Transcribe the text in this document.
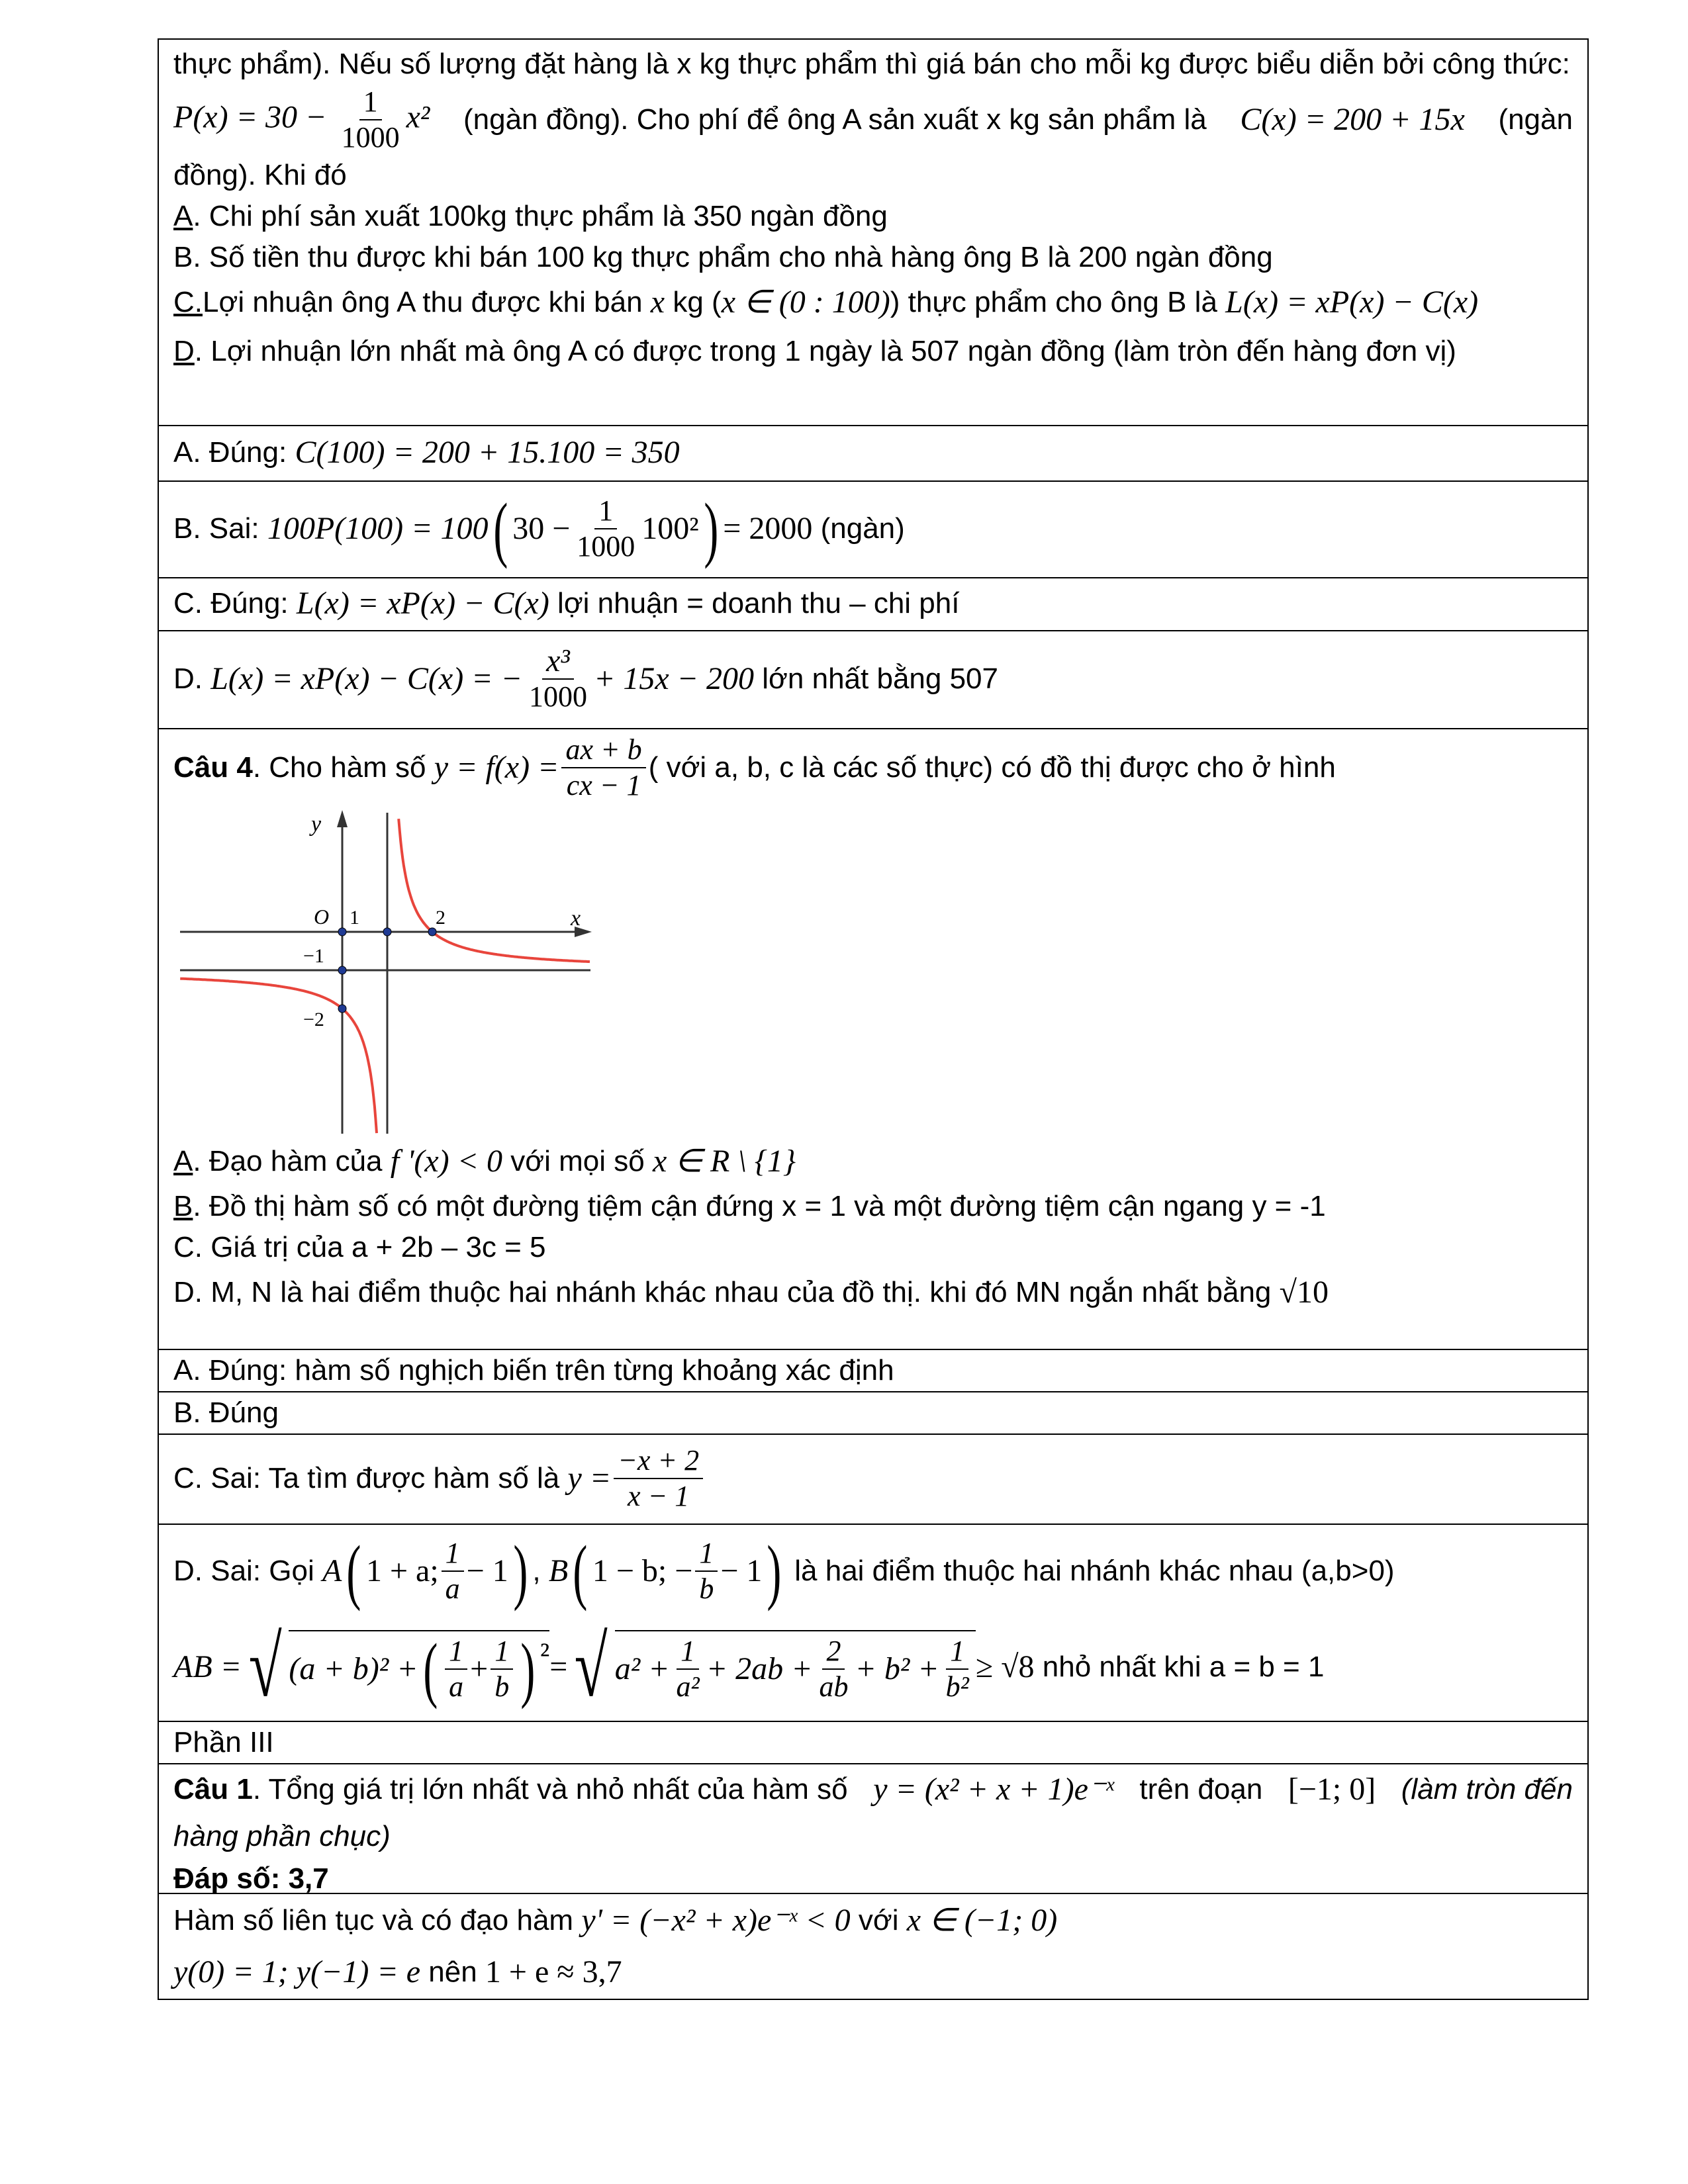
thực phẩm). Nếu số lượng đặt hàng là x kg thực phẩm thì giá bán cho mỗi kg được biểu diễn bởi công thức:
$P(x) = 30 - \frac{1}{1000} x^2$ (ngàn đồng). Cho phí để ông A sản xuất x kg sản phẩm là C(x) = 200 + 15x (ngàn
đồng). Khi đó
A . Chi phí sản xuất 100kg thực phẩm là 350 ngàn đồng
B. Số tiền thu được khi bán 100 kg thực phẩm cho nhà hàng ông B là 200 ngàn đồng
C. Lợi nhuận ông A thu được khi bán
x
kg ( x ∈ (0 : 100) ) thực phẩm cho ông B là
L(x) = xP(x) − C(x)
D . Lợi nhuận lớn nhất mà ông A có được trong 1 ngày là 507 ngàn đồng (làm tròn đến hàng đơn vị)
A. Đúng:
C(100) = 200 + 15.100 = 350
B. Sai:
100P(100) = 100 ( $30 - \frac{1}{1000} 100^2$ ) = 2000
(ngàn)
C. Đúng:
L(x) = xP(x) − C(x)
lợi nhuận = doanh thu – chi phí
D.
L(x) = xP(x) − C(x) = − $\frac{\text{x³}}{1000} + 15x - 200$
lớn nhất bằng 507
Câu 4 . Cho hàm số
$y = f(x) = \frac{ax + b}{cx - 1}$ ( với a, b, c là các số thực) có đồ thị được cho ở hình
y
x
O 1	2
−1
−2
A . Đạo hàm của
f '(x) < 0
với mọi số
x ∈ R \ {1}
B . Đồ thị hàm số có một đường tiệm cận đứng x = 1 và một đường tiệm cận ngang y = -1
C. Giá trị của a + 2b – 3c = 5
D. M, N là hai điểm thuộc hai nhánh khác nhau của đồ thị. khi đó MN ngắn nhất bằng
√10
A. Đúng: hàm số nghịch biến trên từng khoảng xác định
B. Đúng
C. Sai: Ta tìm được hàm số là
$y = \frac{-x + 2}{x - 1}$
D. Sai: Gọi
A ( 1 + a; $\frac{1}{a} - 1$ ) ,
B ( 1 − b; − $\frac{1}{b} - 1$ )
là hai điểm thuộc hai nhánh khác nhau (a,b>0)
AB = √ (a + b)² + ( $\frac{1}{a} + \frac{1}{b}$ ) ² = √ $a^2 + \frac{1}{\text{a²}} + 2ab + \frac{2}{ab} + b^2 + \frac{1}{\text{b²}} \ge √8$
nhỏ nhất khi a = b = 1
Phần III
Câu 1. Tổng giá trị lớn nhất và nhỏ nhất của hàm số y = (x² + x + 1)e⁻ˣ trên đoạn [−1; 0] (làm tròn đến
hàng phần chục)
Đáp số: 3,7
Hàm số liên tục và có đạo hàm
y' = (−x² + x)e⁻ˣ < 0
với
x ∈ (−1; 0)
y(0) = 1; y(−1) = e
nên
1 + e ≈ 3,7
